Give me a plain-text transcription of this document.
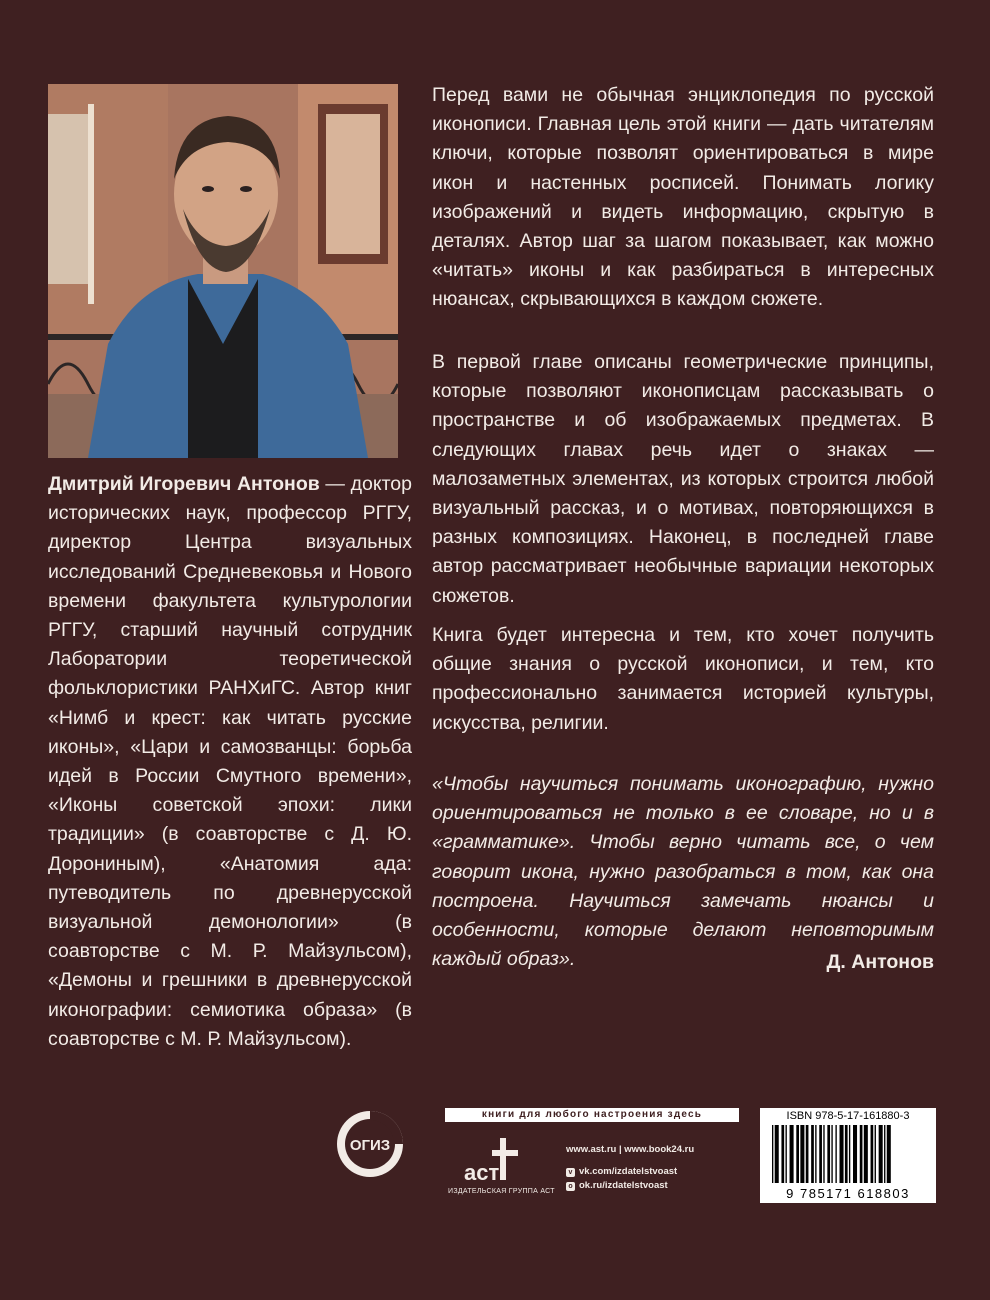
Дмитрий Игоревич Антонов — доктор исторических наук, профессор РГГУ, директор Центра визуальных исследований Средневековья и Нового времени факультета культурологии РГГУ, старший научный сотрудник Лаборатории теоретической фольклористики РАНХиГС. Автор книг «Нимб и крест: как читать русские иконы», «Цари и самозванцы: борьба идей в России Смутного времени», «Иконы советской эпохи: лики традиции» (в соавторстве с Д. Ю. Дорониным), «Анатомия ада: путеводитель по древнерусской визуальной демонологии» (в соавторстве с М. Р. Майзульсом), «Демоны и грешники в древнерусской иконографии: семиотика образа» (в соавторстве с М. Р. Майзульсом).

Перед вами не обычная энциклопедия по русской иконописи. Главная цель этой книги — дать читателям ключи, которые позволят ориентироваться в мире икон и настенных росписей. Понимать логику изображений и видеть информацию, скрытую в деталях. Автор шаг за шагом показывает, как можно «читать» иконы и как разбираться в интересных нюансах, скрывающихся в каждом сюжете.

В первой главе описаны геометрические принципы, которые позволяют иконописцам рассказывать о пространстве и об изображаемых предметах. В следующих главах речь идет о знаках — малозаметных элементах, из которых строится любой визуальный рассказ, и о мотивах, повторяющихся в разных композициях. Наконец, в последней главе автор рассматривает необычные вариации некоторых сюжетов.

Книга будет интересна и тем, кто хочет получить общие знания о русской иконописи, и тем, кто профессионально занимается историей культуры, искусства, религии.

«Чтобы научиться понимать иконографию, нужно ориентироваться не только в ее словаре, но и в «грамматике». Чтобы верно читать все, о чем говорит икона, нужно разобраться в том, как она построена. Научиться замечать нюансы и особенности, которые делают неповторимым каждый образ».	Д. Антонов
ОГИЗ
книги для любого настроения здесь
аст
ИЗДАТЕЛЬСКАЯ ГРУППА АСТ
www.ast.ru | www.book24.ru
v vk.com/izdatelstvoast
o ok.ru/izdatelstvoast
ISBN 978-5-17-161880-3
9 785171 618803
